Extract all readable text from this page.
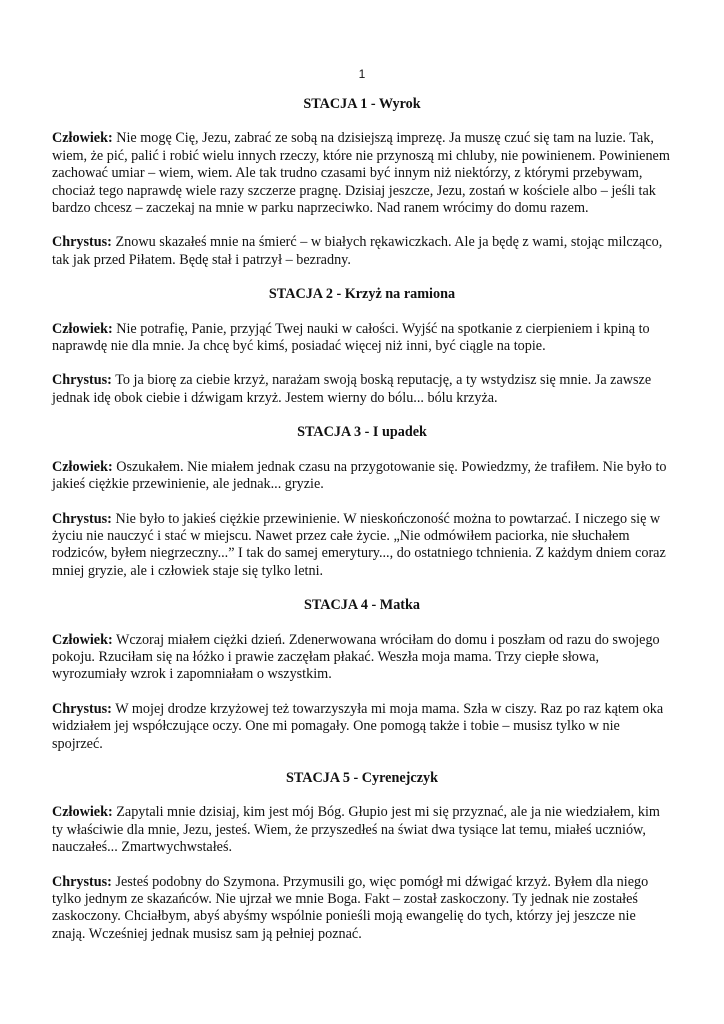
1
STACJA 1 - Wyrok

Człowiek: Nie mogę Cię, Jezu, zabrać ze sobą na dzisiejszą imprezę. Ja muszę czuć się tam na luzie. Tak, wiem, że pić, palić i robić wielu innych rzeczy, które nie przynoszą mi chluby, nie powinienem. Powinienem zachować umiar – wiem, wiem. Ale tak trudno czasami być innym niż niektórzy, z którymi przebywam, chociaż tego naprawdę wiele razy szczerze pragnę. Dzisiaj jeszcze, Jezu, zostań w kościele albo – jeśli tak bardzo chcesz – zaczekaj na mnie w parku naprzeciwko. Nad ranem wrócimy do domu razem.

Chrystus: Znowu skazałeś mnie na śmierć – w białych rękawiczkach. Ale ja będę z wami, stojąc milcząco, tak jak przed Piłatem. Będę stał i patrzył – bezradny.

STACJA 2 - Krzyż na ramiona

Człowiek: Nie potrafię, Panie, przyjąć Twej nauki w całości. Wyjść na spotkanie z cierpieniem i kpiną to naprawdę nie dla mnie. Ja chcę być kimś, posiadać więcej niż inni, być ciągle na topie.

Chrystus: To ja biorę za ciebie krzyż, narażam swoją boską reputację, a ty wstydzisz się mnie. Ja zawsze jednak idę obok ciebie i dźwigam krzyż. Jestem wierny do bólu... bólu krzyża.

STACJA 3 - I upadek

Człowiek: Oszukałem. Nie miałem jednak czasu na przygotowanie się. Powiedzmy, że trafiłem. Nie było to jakieś ciężkie przewinienie, ale jednak... gryzie.

Chrystus: Nie było to jakieś ciężkie przewinienie. W nieskończoność można to powtarzać. I niczego się w życiu nie nauczyć i stać w miejscu. Nawet przez całe życie. „Nie odmówiłem paciorka, nie słuchałem rodziców, byłem niegrzeczny...” I tak do samej emerytury..., do ostatniego tchnienia. Z każdym dniem coraz mniej gryzie, ale i człowiek staje się tylko letni.

STACJA 4 - Matka

Człowiek: Wczoraj miałem ciężki dzień. Zdenerwowana wróciłam do domu i poszłam od razu do swojego pokoju. Rzuciłam się na łóżko i prawie zaczęłam płakać. Weszła moja mama. Trzy ciepłe słowa, wyrozumiały wzrok i zapomniałam o wszystkim.

Chrystus: W mojej drodze krzyżowej też towarzyszyła mi moja mama. Szła w ciszy. Raz po raz kątem oka widziałem jej współczujące oczy. One mi pomagały. One pomogą także i tobie – musisz tylko w nie spojrzeć.

STACJA 5 - Cyrenejczyk

Człowiek: Zapytali mnie dzisiaj, kim jest mój Bóg. Głupio jest mi się przyznać, ale ja nie wiedziałem, kim ty właściwie dla mnie, Jezu, jesteś. Wiem, że przyszedłeś na świat dwa tysiące lat temu, miałeś uczniów, nauczałeś... Zmartwychwstałeś.

Chrystus: Jesteś podobny do Szymona. Przymusili go, więc pomógł mi dźwigać krzyż. Byłem dla niego tylko jednym ze skazańców. Nie ujrzał we mnie Boga. Fakt – został zaskoczony. Ty jednak nie zostałeś zaskoczony. Chciałbym, abyś abyśmy wspólnie ponieśli moją ewangelię do tych, którzy jej jeszcze nie znają. Wcześniej jednak musisz sam ją pełniej poznać.
